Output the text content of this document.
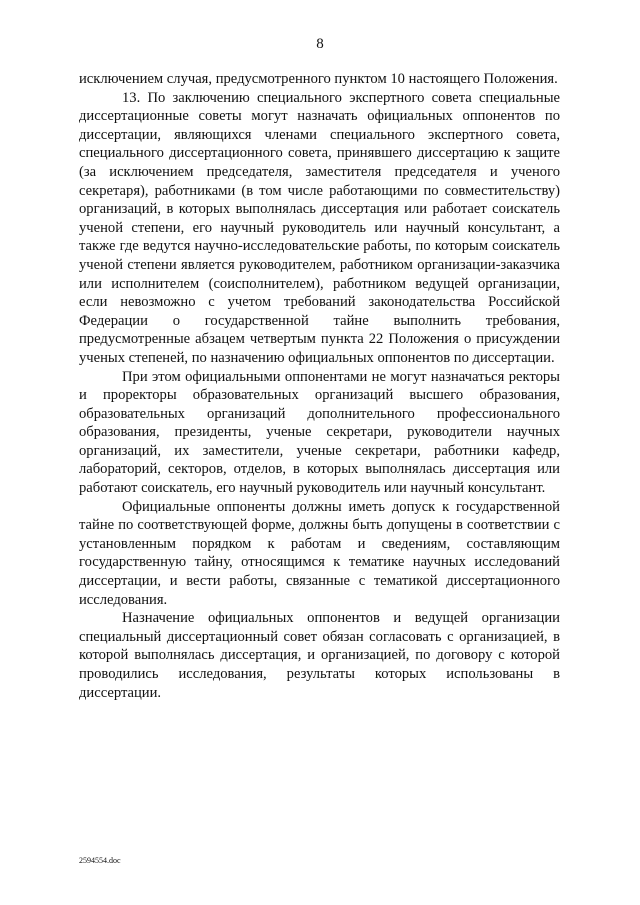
8

исключением случая, предусмотренного пунктом 10 настоящего Положения.

13. По заключению специального экспертного совета специальные диссертационные советы могут назначать официальных оппонентов по диссертации, являющихся членами специального экспертного совета, специального диссертационного совета, принявшего диссертацию к защите (за исключением председателя, заместителя председателя и ученого секретаря), работниками (в том числе работающими по совместительству) организаций, в которых выполнялась диссертация или работает соискатель ученой степени, его научный руководитель или научный консультант, а также где ведутся научно-исследовательские работы, по которым соискатель ученой степени является руководителем, работником организации-заказчика или исполнителем (соисполнителем), работником ведущей организации, если невозможно с учетом требований законодательства Российской Федерации о государственной тайне выполнить требования, предусмотренные абзацем четвертым пункта 22 Положения о присуждении ученых степеней, по назначению официальных оппонентов по диссертации.

При этом официальными оппонентами не могут назначаться ректоры и проректоры образовательных организаций высшего образования, образовательных организаций дополнительного профессионального образования, президенты, ученые секретари, руководители научных организаций, их заместители, ученые секретари, работники кафедр, лабораторий, секторов, отделов, в которых выполнялась диссертация или работают соискатель, его научный руководитель или научный консультант.

Официальные оппоненты должны иметь допуск к государственной тайне по соответствующей форме, должны быть допущены в соответствии с установленным порядком к работам и сведениям, составляющим государственную тайну, относящимся к тематике научных исследований диссертации, и вести работы, связанные с тематикой диссертационного исследования.

Назначение официальных оппонентов и ведущей организации специальный диссертационный совет обязан согласовать с организацией, в которой выполнялась диссертация, и организацией, по договору с которой проводились исследования, результаты которых использованы в диссертации.

2594554.doc
